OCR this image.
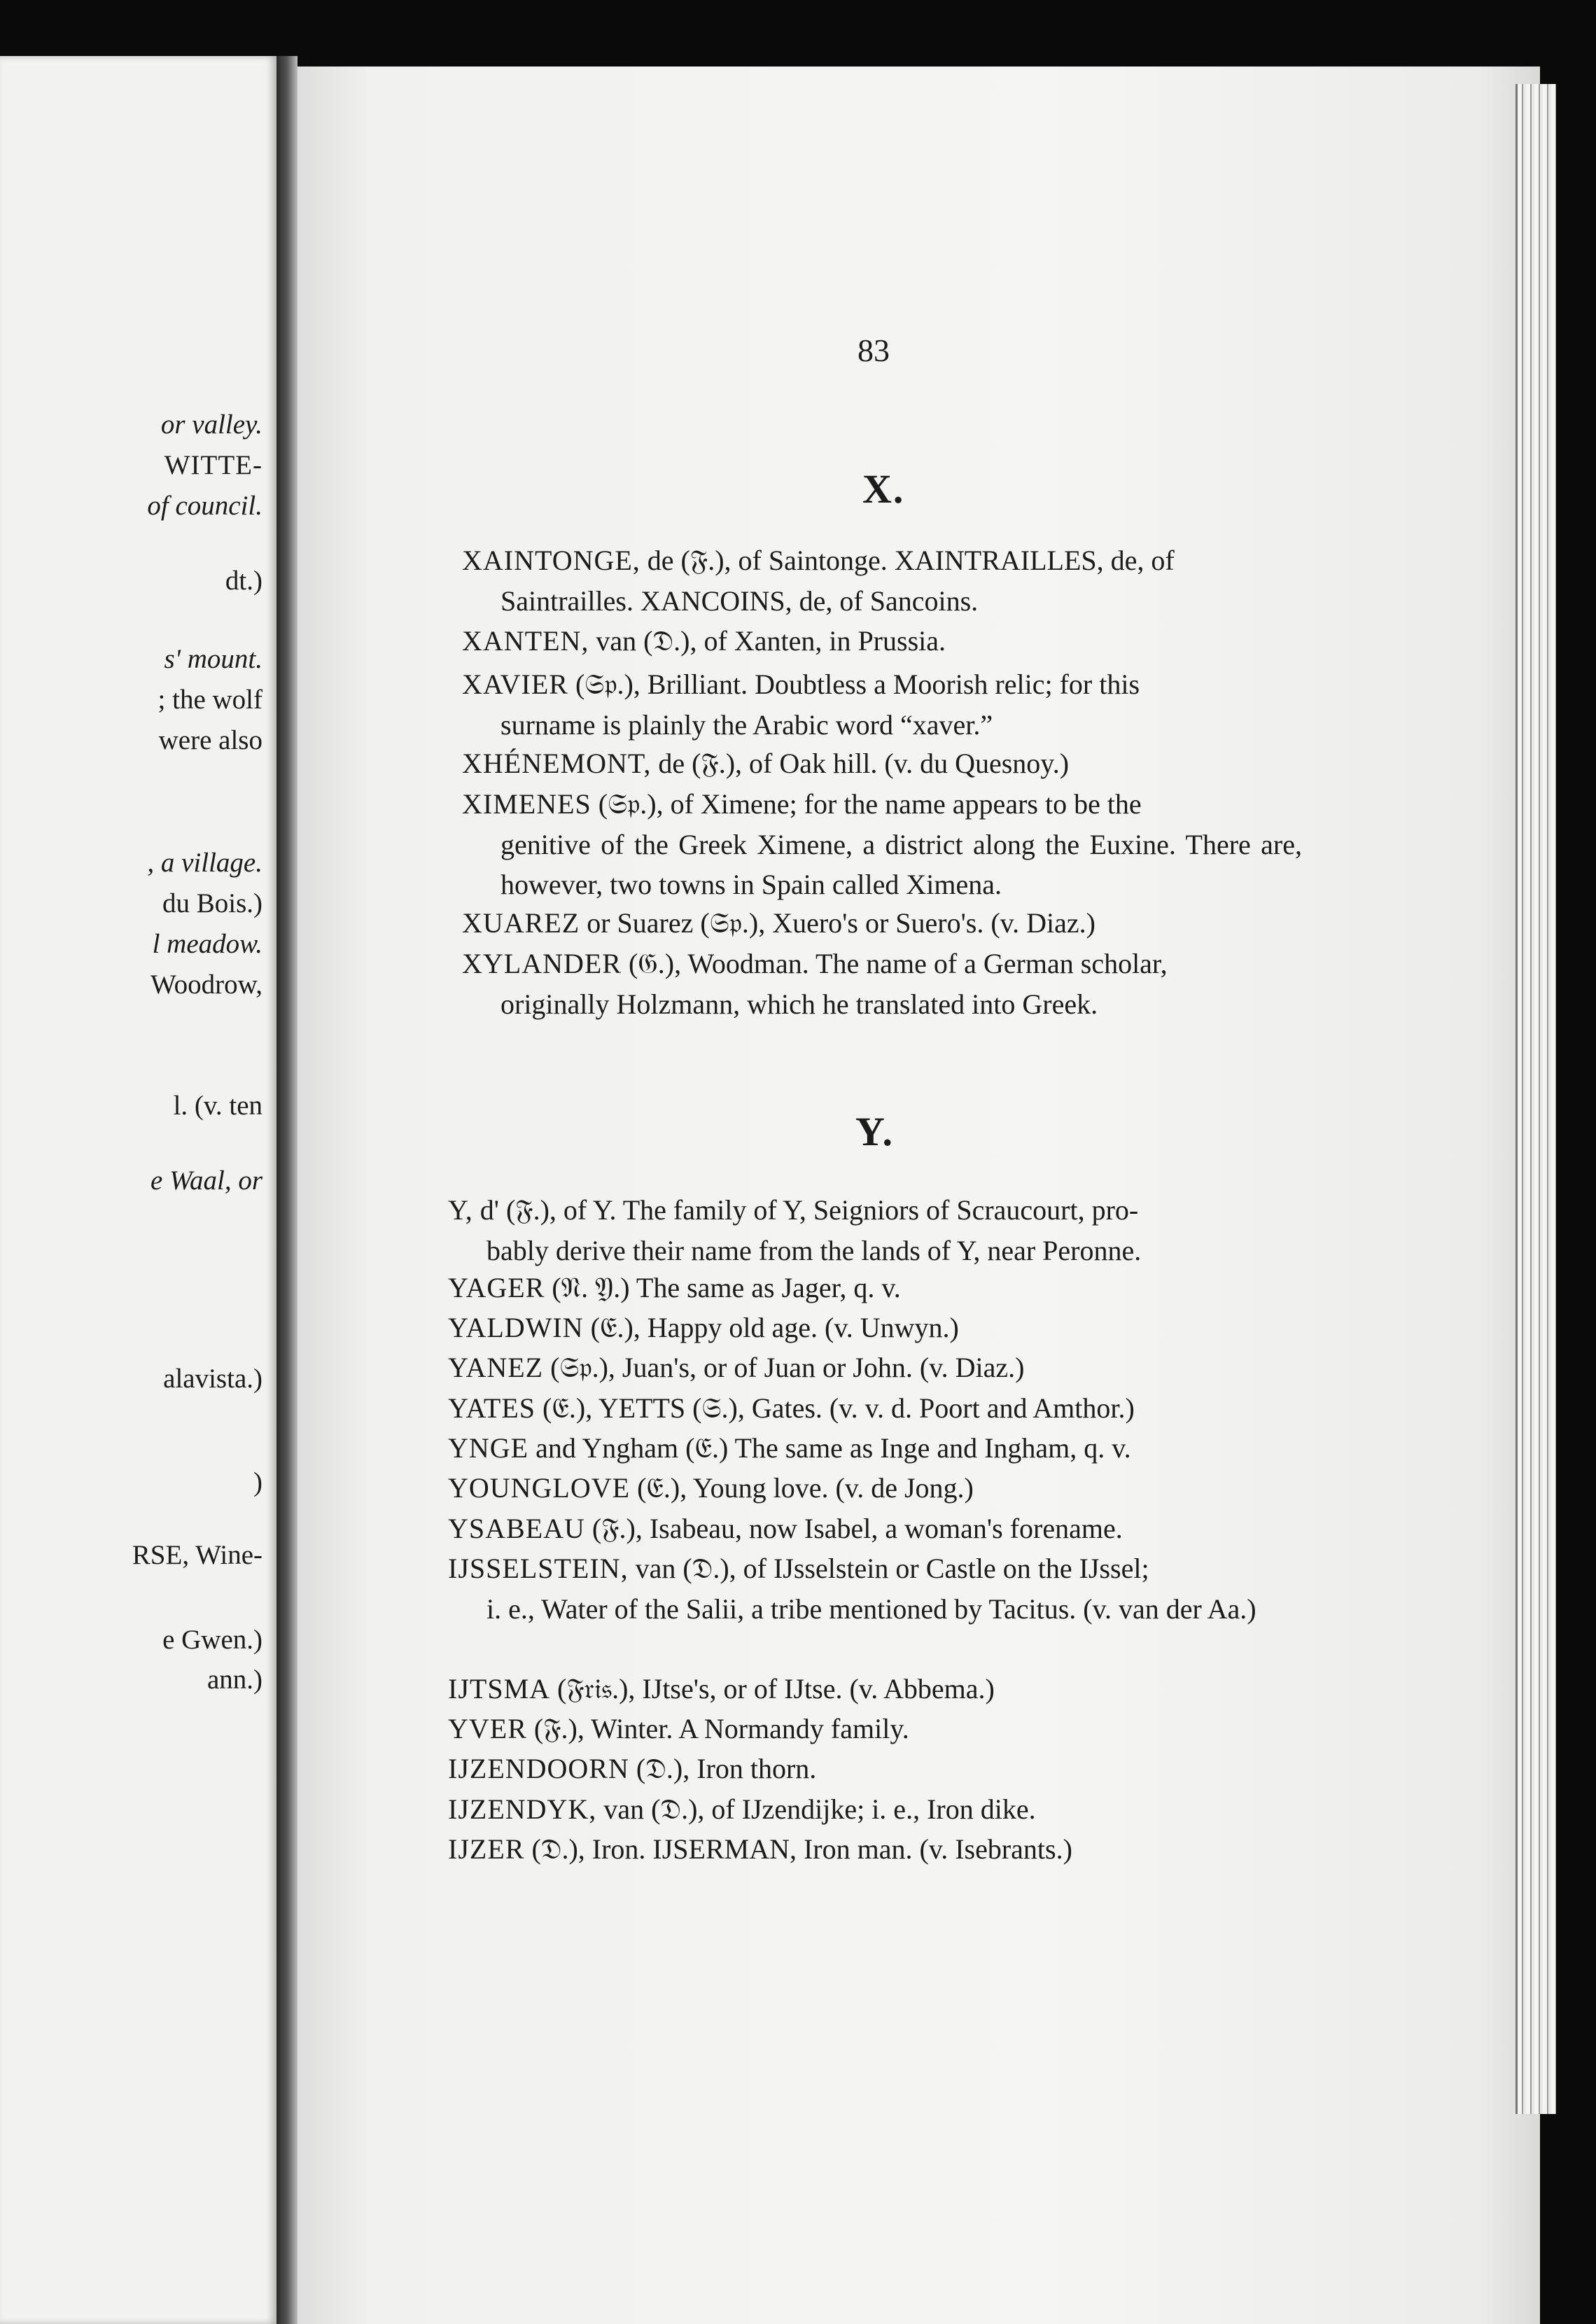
or valley.
WITTE-
of council.
dt.)
s' mount.
; the wolf
were also
, a village.
du Bois.)
l meadow.
Woodrow,
l. (v. ten
e Waal, or
alavista.)
)
RSE, Wine-
e Gwen.)
ann.)
83
X.
XAINTONGE, de (𝔉.), of Saintonge. XAINTRAILLES, de, of
Saintrailles. XANCOINS, de, of Sancoins.
XANTEN, van (𝔇.), of Xanten, in Prussia.
XAVIER (𝔖𝔭.), Brilliant. Doubtless a Moorish relic; for this
surname is plainly the Arabic word “xaver.”
XHÉNEMONT, de (𝔉.), of Oak hill. (v. du Quesnoy.)
XIMENES (𝔖𝔭.), of Ximene; for the name appears to be the
genitive of the Greek Ximene, a district along the Euxine. There are, however, two towns in Spain called Ximena.
XUAREZ or Suarez (𝔖𝔭.), Xuero's or Suero's. (v. Diaz.)
XYLANDER (𝔊.), Woodman. The name of a German scholar,
originally Holzmann, which he translated into Greek.
Y.
Y, d' (𝔉.), of Y. The family of Y, Seigniors of Scraucourt, pro-
bably derive their name from the lands of Y, near Peronne.
YAGER (𝔑. 𝔜.) The same as Jager, q. v.
YALDWIN (𝔈.), Happy old age. (v. Unwyn.)
YANEZ (𝔖𝔭.), Juan's, or of Juan or John. (v. Diaz.)
YATES (𝔈.), YETTS (𝔖.), Gates. (v. v. d. Poort and Amthor.)
YNGE and Yngham (𝔈.) The same as Inge and Ingham, q. v.
YOUNGLOVE (𝔈.), Young love. (v. de Jong.)
YSABEAU (𝔉.), Isabeau, now Isabel, a woman's forename.
IJSSELSTEIN, van (𝔇.), of IJsselstein or Castle on the IJssel;
i. e., Water of the Salii, a tribe mentioned by Tacitus. (v. van der Aa.)
IJTSMA (𝔉𝔯𝔦𝔰.), IJtse's, or of IJtse. (v. Abbema.)
YVER (𝔉.), Winter. A Normandy family.
IJZENDOORN (𝔇.), Iron thorn.
IJZENDYK, van (𝔇.), of IJzendijke; i. e., Iron dike.
IJZER (𝔇.), Iron. IJSERMAN, Iron man. (v. Isebrants.)
